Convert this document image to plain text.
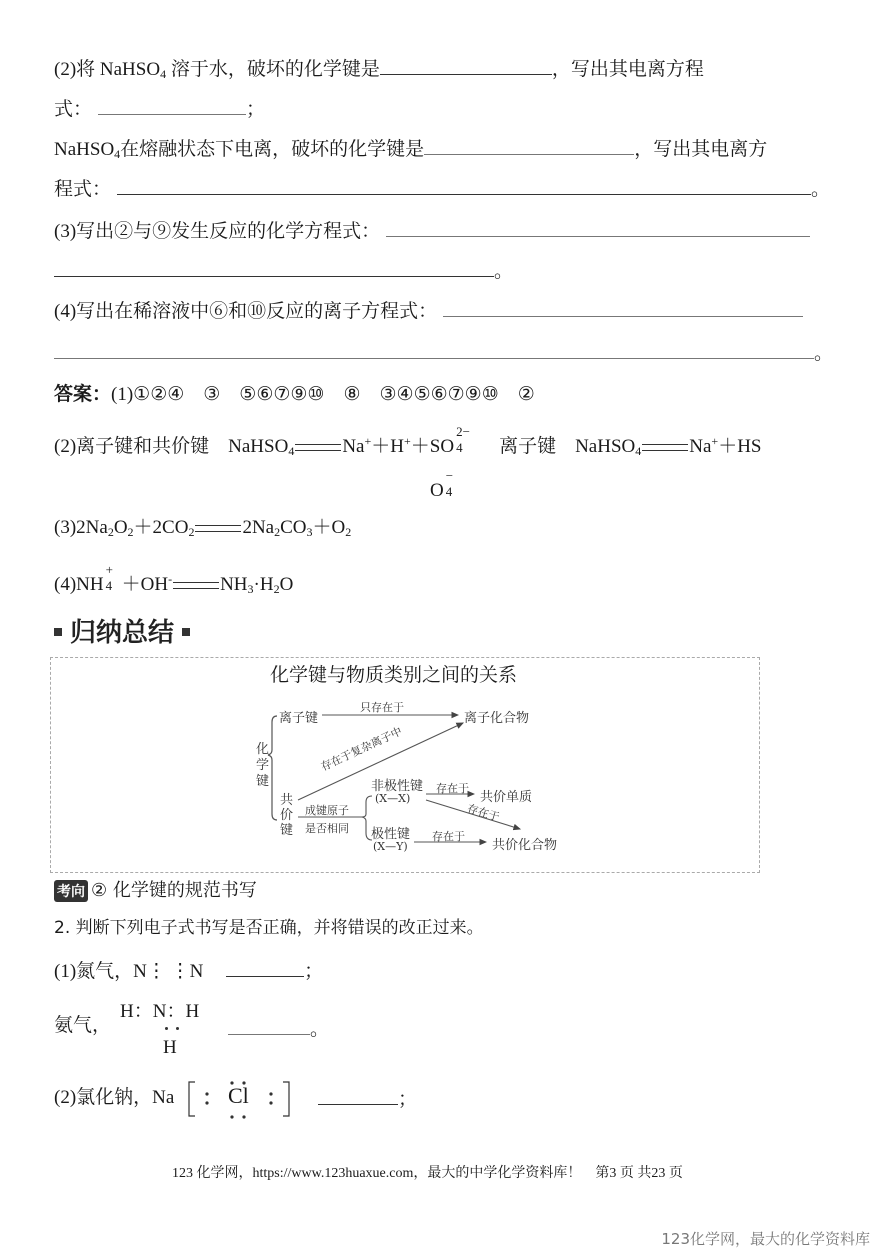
(2)将 NaHSO$_4$ 溶于水，破坏的化学键是	，写出其电离方程
式：	；
NaHSO$_4$在熔融状态下电离，破坏的化学键是	，写出其电离方
程式：	。
(3)写出②与⑨发生反应的化学方程式：
。
(4)写出在稀溶液中⑥和⑩反应的离子方程式：
。
答案：(1)①②④　③　⑤⑥⑦⑨⑩　⑧　③④⑤⑥⑦⑨⑩　②
(2)离子键和共价键　NaHSO$_4$	Na+＋H+＋SO
2−
4 　离子键　NaHSO$_4$	Na+＋HS
O
−
4
$(3)2Na_2O_2+2CO_2$	$2Na_2CO_3+O_2$
(4)NH
+
4 ＋OH-	$NH_3\cdot H_2O$
归纳总结
化学键与物质类别之间的关系
化
学
键
离子键
只存在于
离子化合物
存在于复杂离子中
共
价
键
成键原子
是否相同
非极性键
(X—X)
极性键
(X—Y)
存在于
共价单质
存在于
存在于
共价化合物
考向 ② 化学键的规范书写
2. 判断下列电子式书写是否正确，并将错误的改正过来。
(1)氮气，N⋮ ⋮N	；
氨气，
H：N：H
H
。
(2)氯化钠，Na Cl	；
123 化学网，https://www.123huaxue.com，最大的中学化学资料库！　第3 页 共23 页
123化学网，最大的化学资料库
